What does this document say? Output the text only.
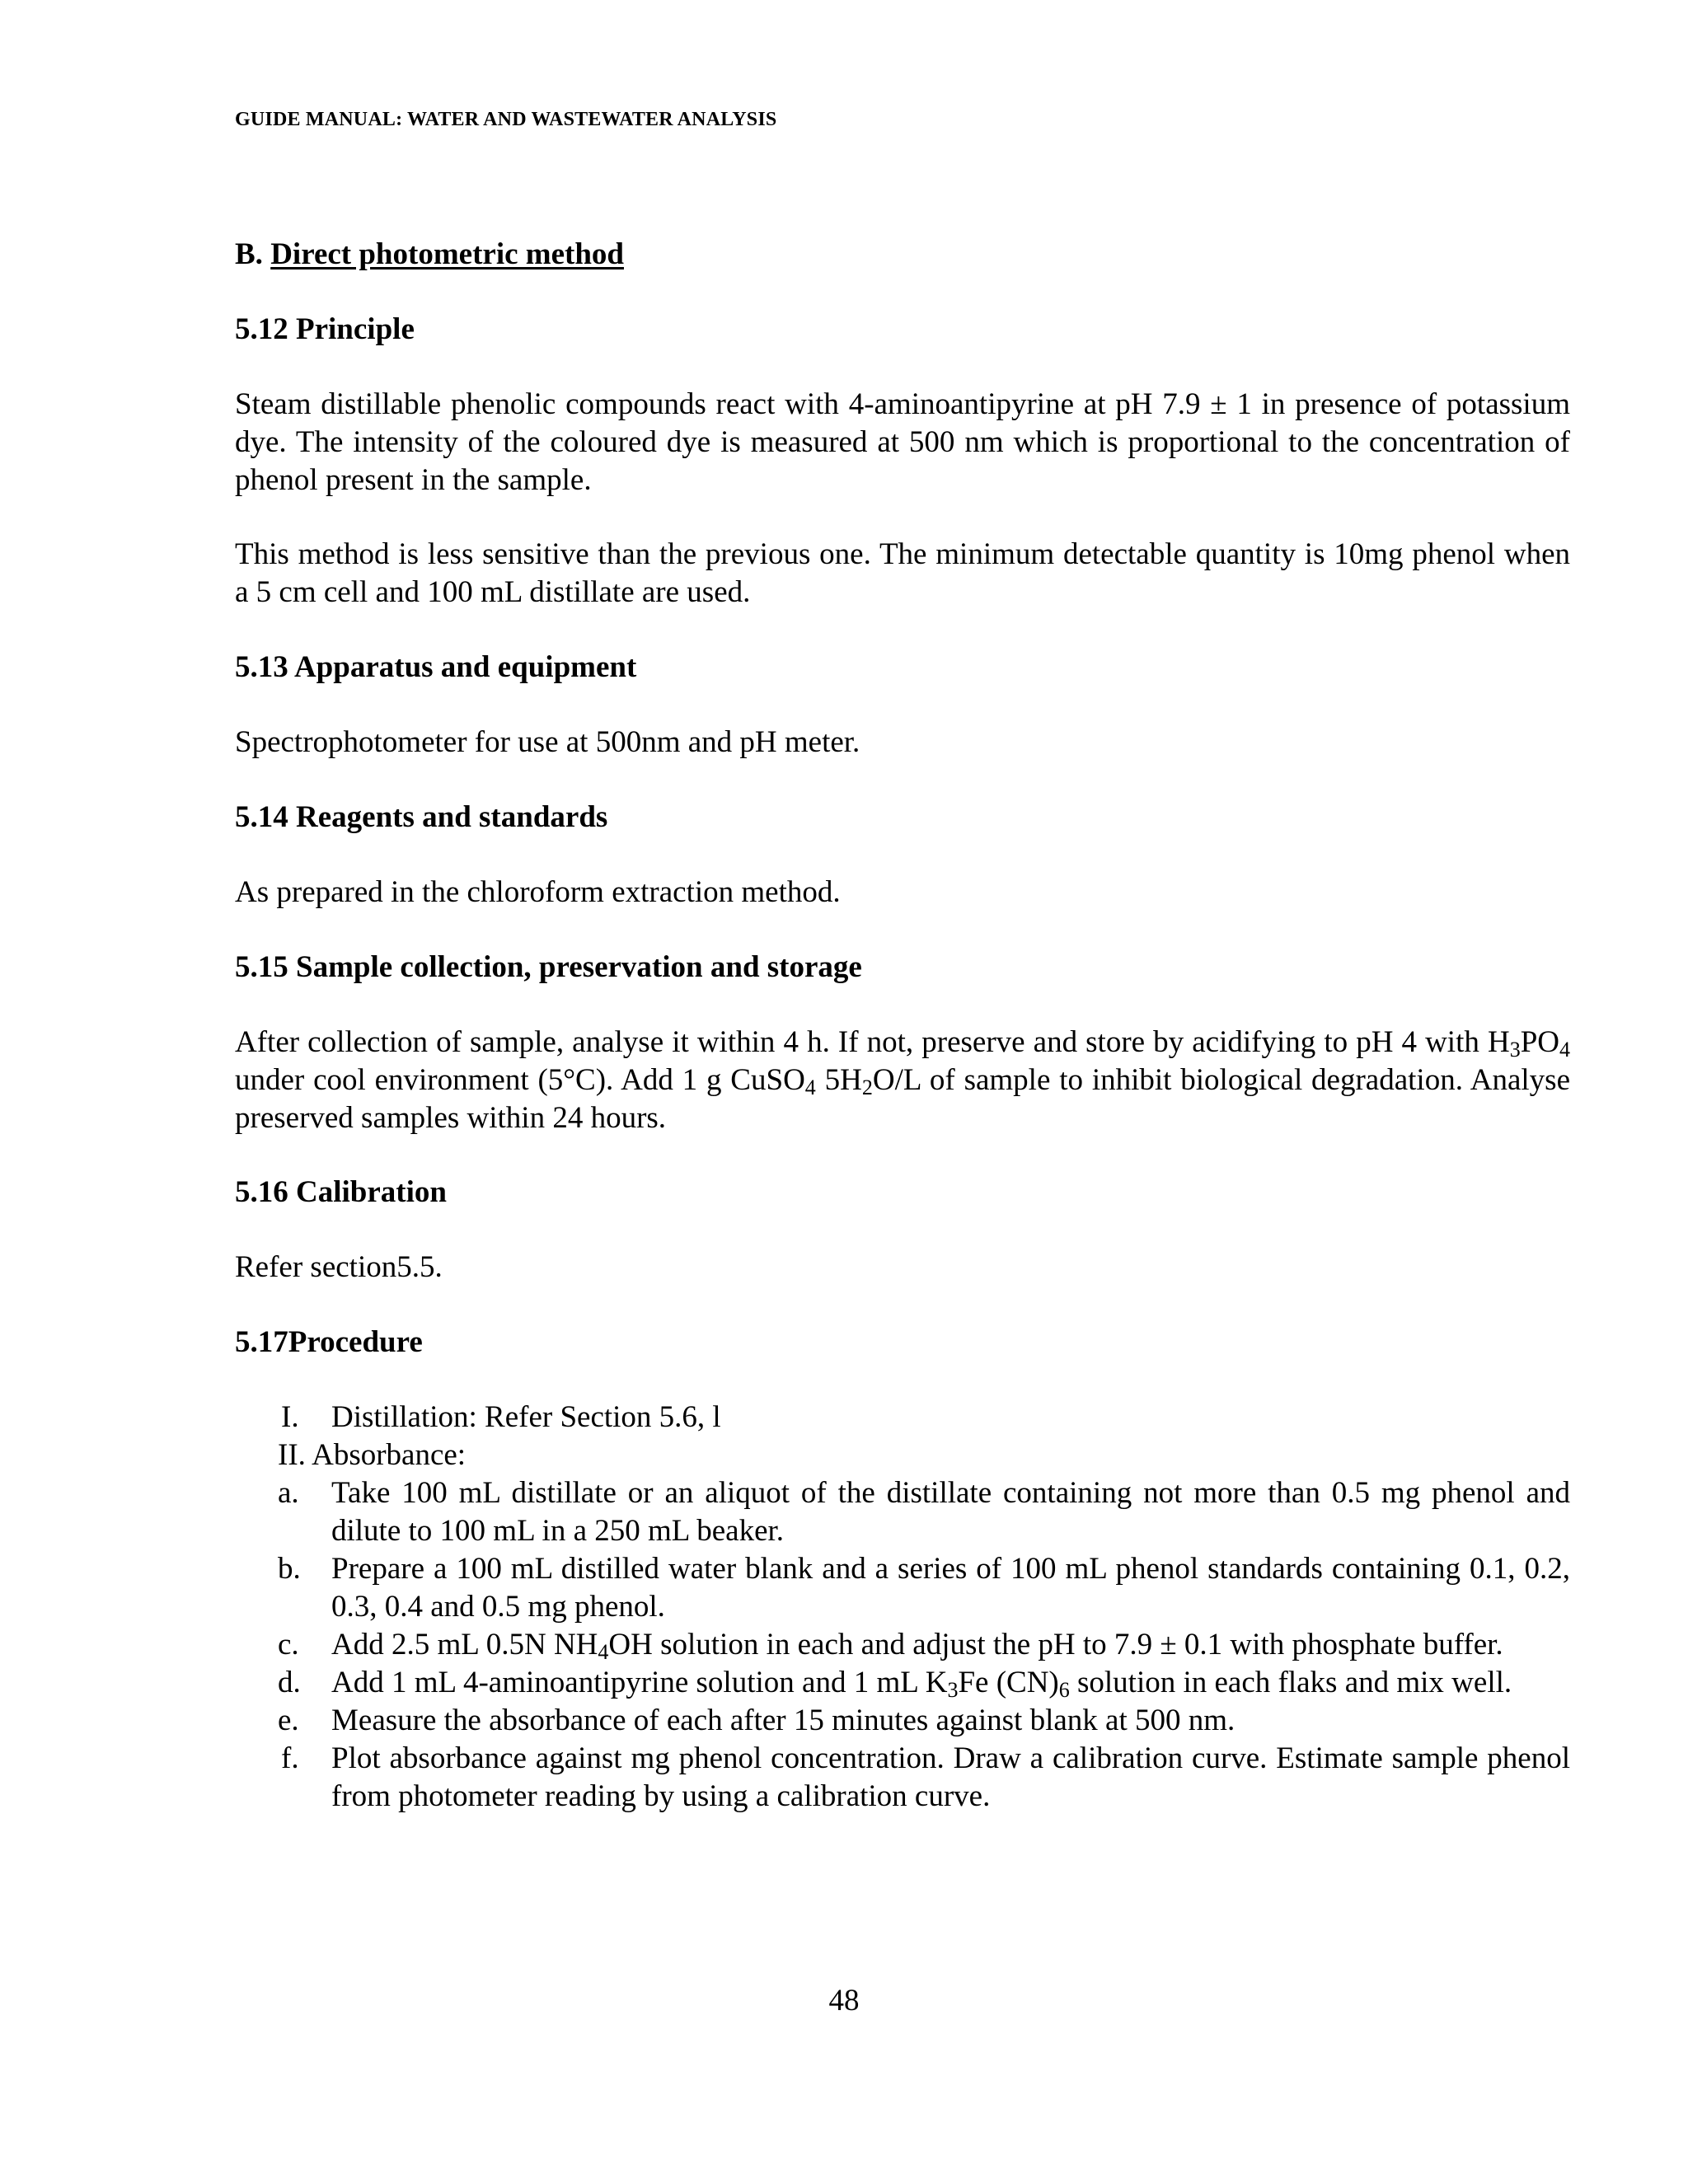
GUIDE MANUAL: WATER AND WASTEWATER ANALYSIS
B. Direct photometric method
5.12 Principle
Steam distillable phenolic compounds react with 4-aminoantipyrine at pH 7.9 ± 1 in presence of potassium dye. The intensity of the coloured dye is measured at 500 nm which is proportional to the concentration of phenol present in the sample.
This method is less sensitive than the previous one. The minimum detectable quantity is 10mg phenol when a 5 cm cell and 100 mL distillate are used.
5.13 Apparatus and equipment
Spectrophotometer for use at 500nm and pH meter.
5.14 Reagents and standards
As prepared in the chloroform extraction method.
5.15 Sample collection, preservation and storage
After collection of sample, analyse it within 4 h. If not, preserve and store by acidifying to pH 4 with $H_3PO_4$ under cool environment (5°C). Add 1 g CuSO$_4$ $5H_2O/L$ of sample to inhibit biological degradation. Analyse preserved samples within 24 hours.
5.16 Calibration
Refer section5.5.
5.17Procedure
I. Distillation: Refer Section 5.6, l
II. Absorbance:
a. Take 100 mL distillate or an aliquot of the distillate containing not more than 0.5 mg phenol and dilute to 100 mL in a 250 mL beaker.
b. Prepare a 100 mL distilled water blank and a series of 100 mL phenol standards containing 0.1, 0.2, 0.3, 0.4 and 0.5 mg phenol.
c. Add 2.5 mL 0.5N $NH_4OH$ solution in each and adjust the pH to 7.9 ± 0.1 with phosphate buffer.
d. Add 1 mL 4-aminoantipyrine solution and 1 mL $K_3Fe$ $(CN)_6$ solution in each flaks and mix well.
e. Measure the absorbance of each after 15 minutes against blank at 500 nm.
f. Plot absorbance against mg phenol concentration. Draw a calibration curve. Estimate sample phenol from photometer reading by using a calibration curve.
48
